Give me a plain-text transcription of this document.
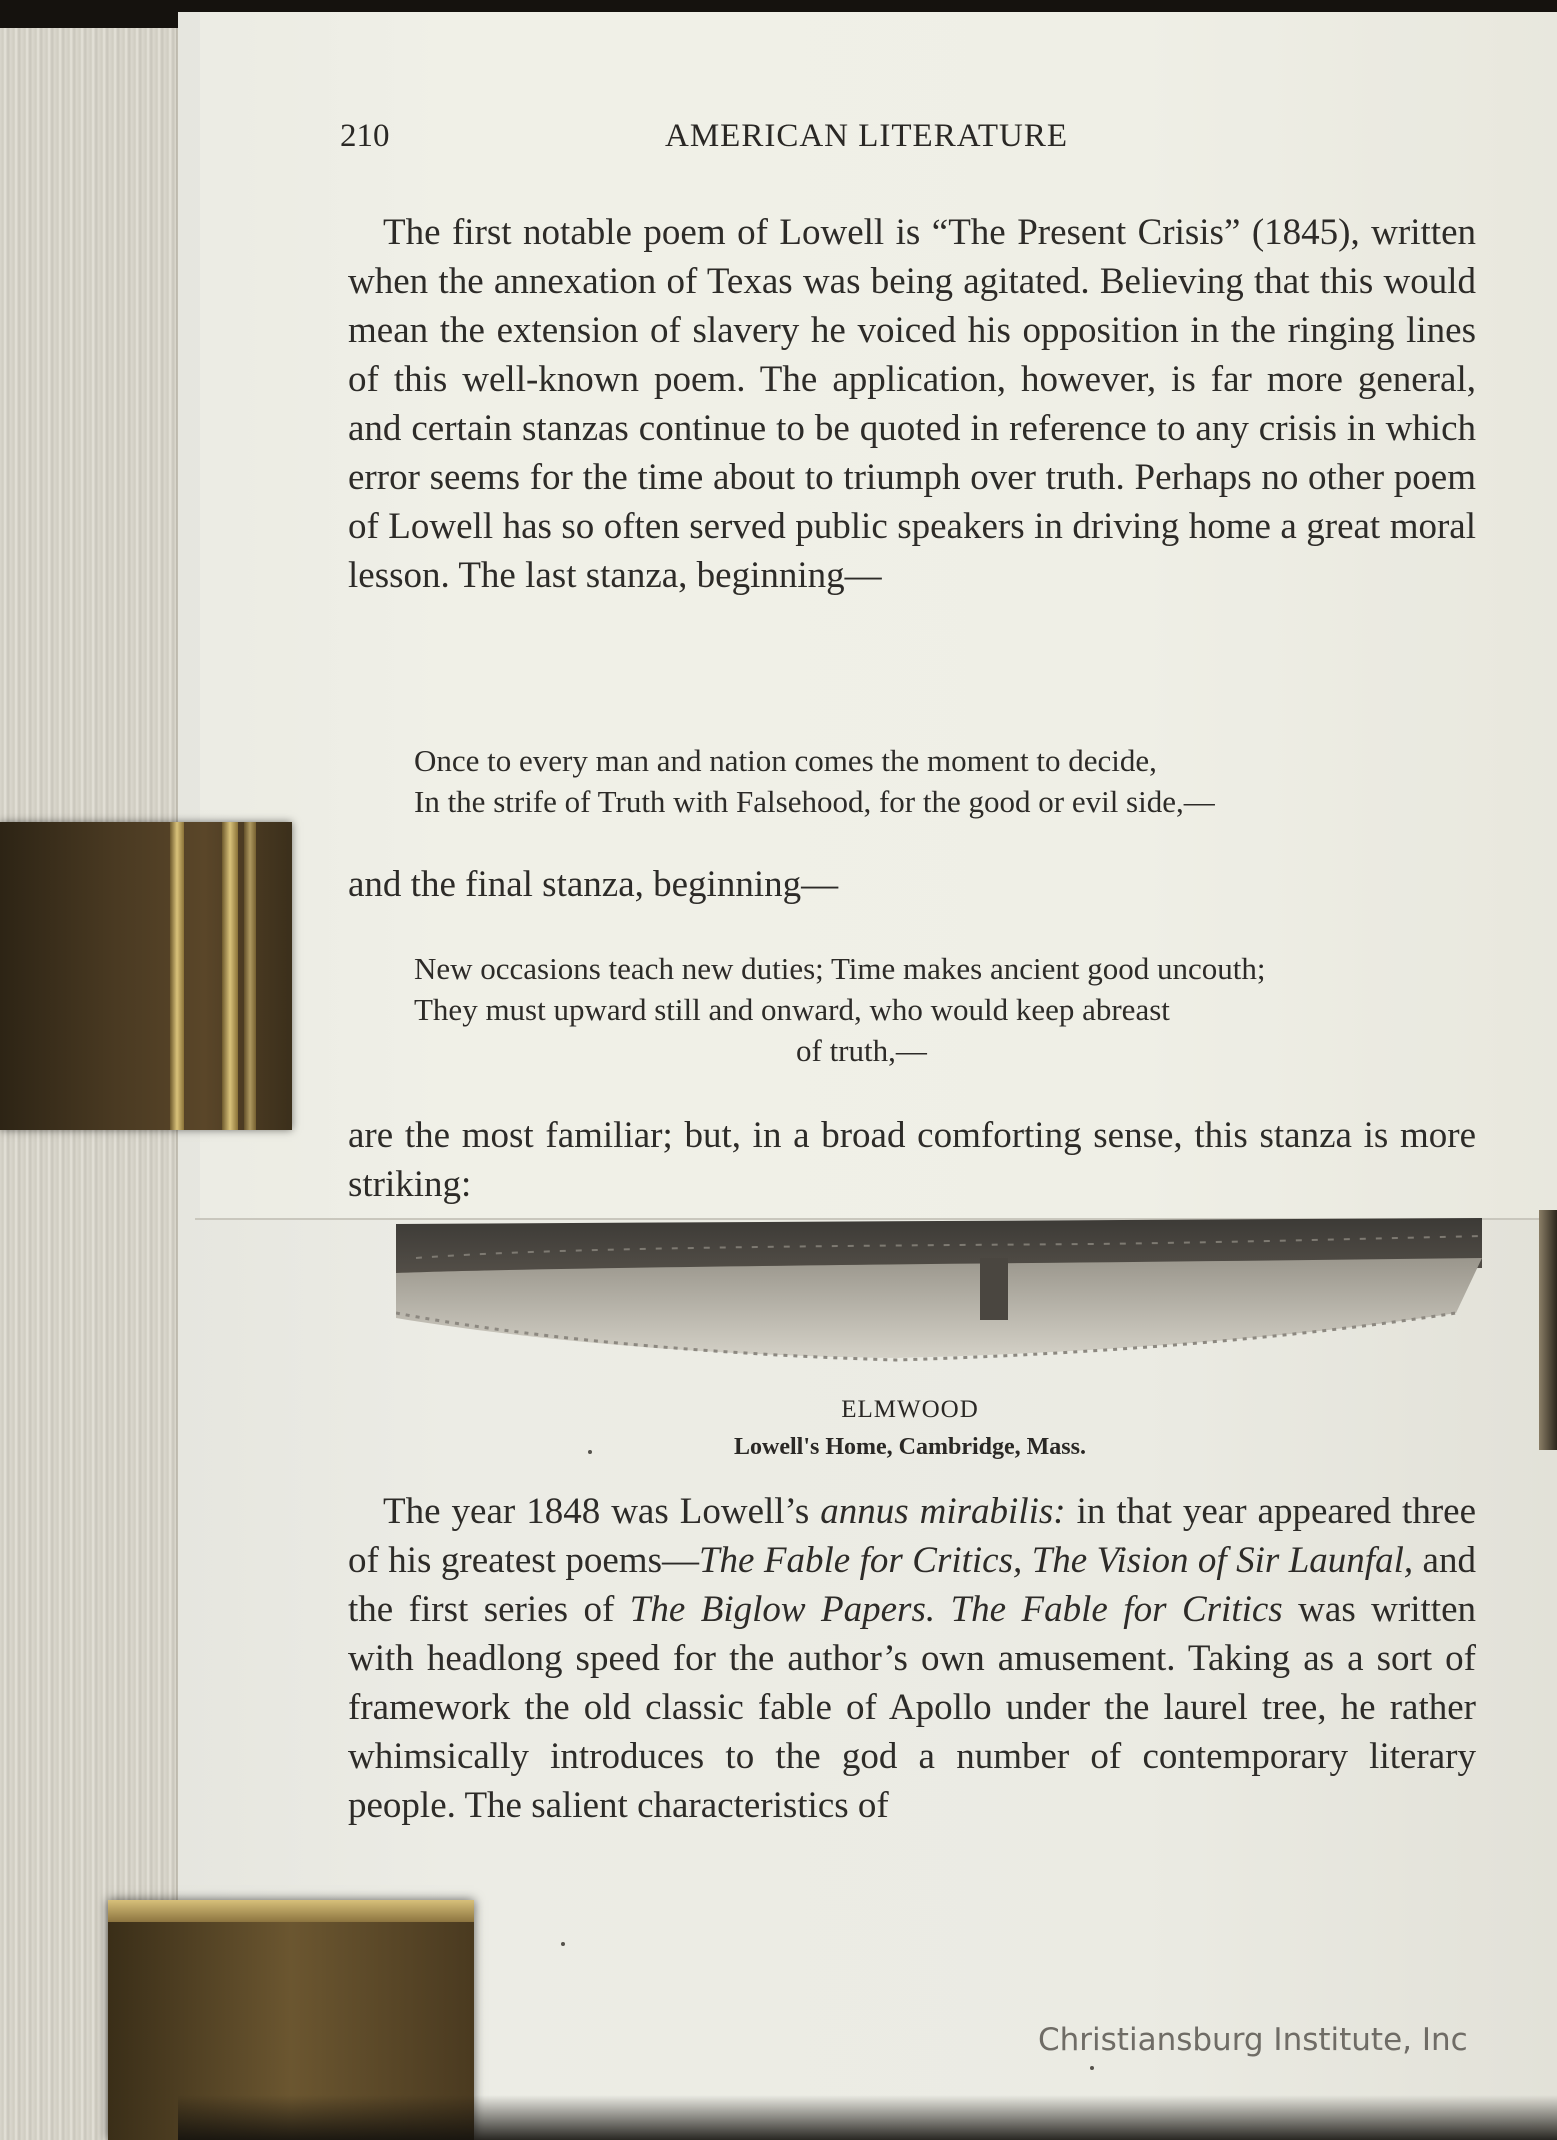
210	AMERICAN LITERATURE

The first notable poem of Lowell is “The Present Crisis” (1845), written when the annexation of Texas was being agitated. Believing that this would mean the extension of slavery he voiced his opposition in the ringing lines of this well-known poem. The application, however, is far more general, and certain stanzas continue to be quoted in reference to any crisis in which error seems for the time about to triumph over truth. Perhaps no other poem of Lowell has so often served public speakers in driving home a great moral lesson. The last stanza, beginning—

Once to every man and nation comes the moment to decide,
In the strife of Truth with Falsehood, for the good or evil side,—

and the final stanza, beginning—

New occasions teach new duties; Time makes ancient good uncouth;
They must upward still and onward, who would keep abreast
of truth,—

are the most familiar; but, in a broad comforting sense, this stanza is more striking:

ELMWOOD

Lowell's Home, Cambridge, Mass.

The year 1848 was Lowell’s annus mirabilis: in that year appeared three of his greatest poems—The Fable for Critics, The Vision of Sir Launfal, and the first series of The Biglow Papers. The Fable for Critics was written with headlong speed for the author’s own amusement. Taking as a sort of framework the old classic fable of Apollo under the laurel tree, he rather whimsically introduces to the god a number of contemporary literary people. The salient characteristics of

Christiansburg Institute, Inc
